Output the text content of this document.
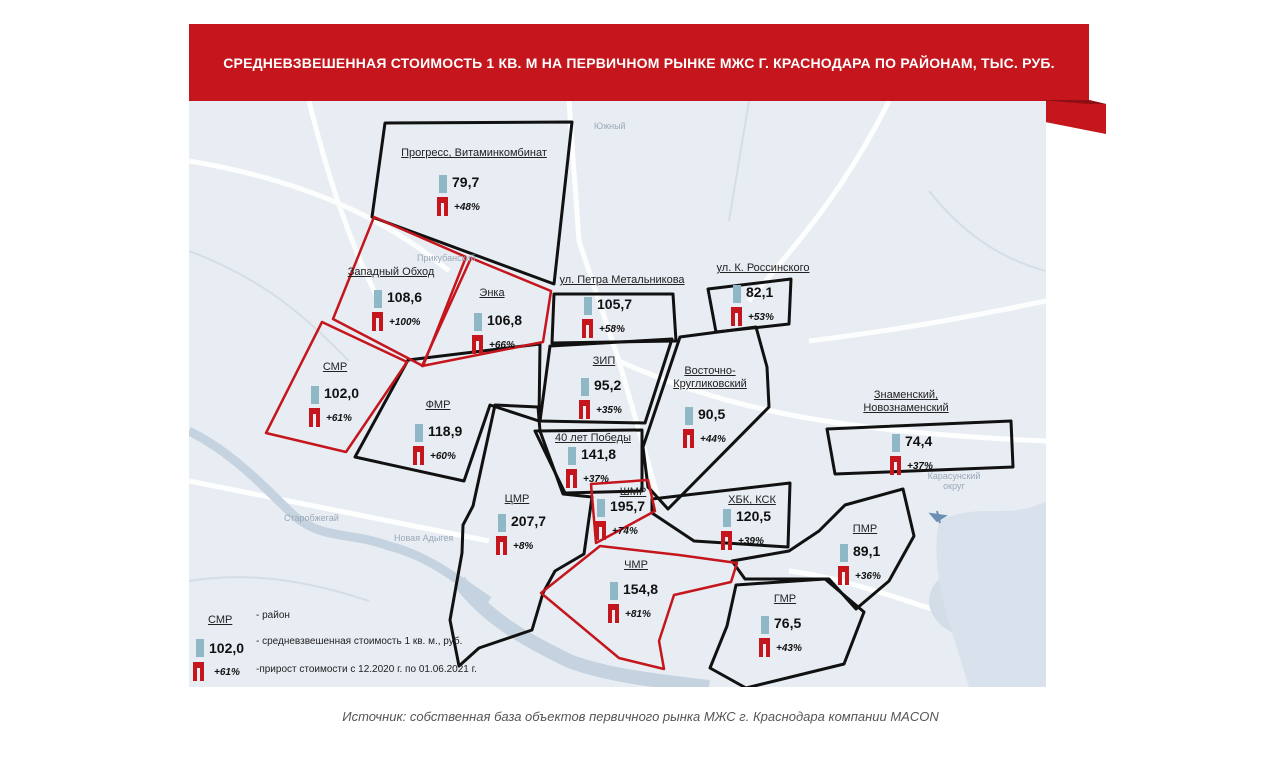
СРЕДНЕВЗВЕШЕННАЯ СТОИМОСТЬ 1 КВ. М НА ПЕРВИЧНОМ РЫНКЕ МЖС Г. КРАСНОДАРА ПО РАЙОНАМ, ТЫС. РУБ.
Прогресс, Витаминкомбинат
79,7
+48%
Западный Обход
108,6
+100%
Энка
106,8
+66%
ул. Петра Метальникова
105,7
+58%
ул. К. Россинского
82,1
+53%
СМР
102,0
+61%
ЗИП
95,2
+35%
Восточно-Кругликовский
90,5
+44%
ФМР
118,9
+60%
40 лет Победы
141,8
+37%
Знаменский, Новознаменский
74,4
+37%
ШМР
195,7
+74%
ЦМР
207,7
+8%
ХБК, КСК
120,5
+39%
ПМР
89,1
+36%
ЧМР
154,8
+81%
ГМР
76,5
+43%
Карасунский округ
Старобжегай
Новая Адыгея
Южный
Прикубанский
СМР
102,0
+61%
- район
- средневзвешенная стоимость 1 кв. м., руб.
-прирост стоимости с 12.2020 г. по 01.06.2021 г.
Источник: собственная база объектов первичного рынка МЖС г. Краснодара компании MACON
